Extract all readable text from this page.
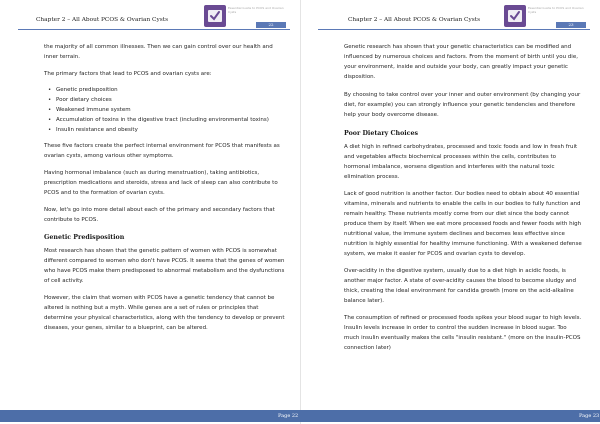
Chapter 2 – All About PCOS & Ovarian Cysts
Essential Guide to PCOS and Ovarian Cysts
22

the majority of all common illnesses. Then we can gain control over our health and inner terrain.

The primary factors that lead to PCOS and ovarian cysts are:

• Genetic predisposition
• Poor dietary choices
• Weakened immune system
• Accumulation of toxins in the digestive tract (including environmental toxins)
• Insulin resistance and obesity

These five factors create the perfect internal environment for PCOS that manifests as ovarian cysts, among various other symptoms.

Having hormonal imbalance (such as during menstruation), taking antibiotics, prescription medications and steroids, stress and lack of sleep can also contribute to PCOS and to the formation of ovarian cysts.

Now, let's go into more detail about each of the primary and secondary factors that contribute to PCOS.

Genetic Predisposition

Most research has shown that the genetic pattern of women with PCOS is somewhat different compared to women who don't have PCOS. It seems that the genes of women who have PCOS make them predisposed to abnormal metabolism and the dysfunctions of cell activity.

However, the claim that women with PCOS have a genetic tendency that cannot be altered is nothing but a myth. While genes are a set of rules or principles that determine your physical characteristics, along with the tendency to develop or prevent diseases, your genes, similar to a blueprint, can be altered.

Page 22
Chapter 2 – All About PCOS & Ovarian Cysts
Essential Guide to PCOS and Ovarian Cysts
23

Genetic research has shown that your genetic characteristics can be modified and influenced by numerous choices and factors. From the moment of birth until you die, your environment, inside and outside your body, can greatly impact your genetic disposition.

By choosing to take control over your inner and outer environment (by changing your diet, for example) you can strongly influence your genetic tendencies and therefore help your body overcome disease.

Poor Dietary Choices

A diet high in refined carbohydrates, processed and toxic foods and low in fresh fruit and vegetables affects biochemical processes within the cells, contributes to hormonal imbalance, worsens digestion and interferes with the natural toxic elimination process.

Lack of good nutrition is another factor. Our bodies need to obtain about 40 essential vitamins, minerals and nutrients to enable the cells in our bodies to fully function and remain healthy. These nutrients mostly come from our diet since the body cannot produce them by itself. When we eat more processed foods and fewer foods with high nutritional value, the immune system declines and becomes less effective since nutrition is highly essential for healthy immune functioning. With a weakened defense system, we make it easier for PCOS and ovarian cysts to develop.

Over-acidity in the digestive system, usually due to a diet high in acidic foods, is another major factor. A state of over-acidity causes the blood to become sludgy and thick, creating the ideal environment for candida growth (more on the acid-alkaline balance later).

The consumption of refined or processed foods spikes your blood sugar to high levels. Insulin levels increase in order to control the sudden increase in blood sugar. Too much insulin eventually makes the cells "insulin resistant." (more on the insulin-PCOS connection later)

Page 23
